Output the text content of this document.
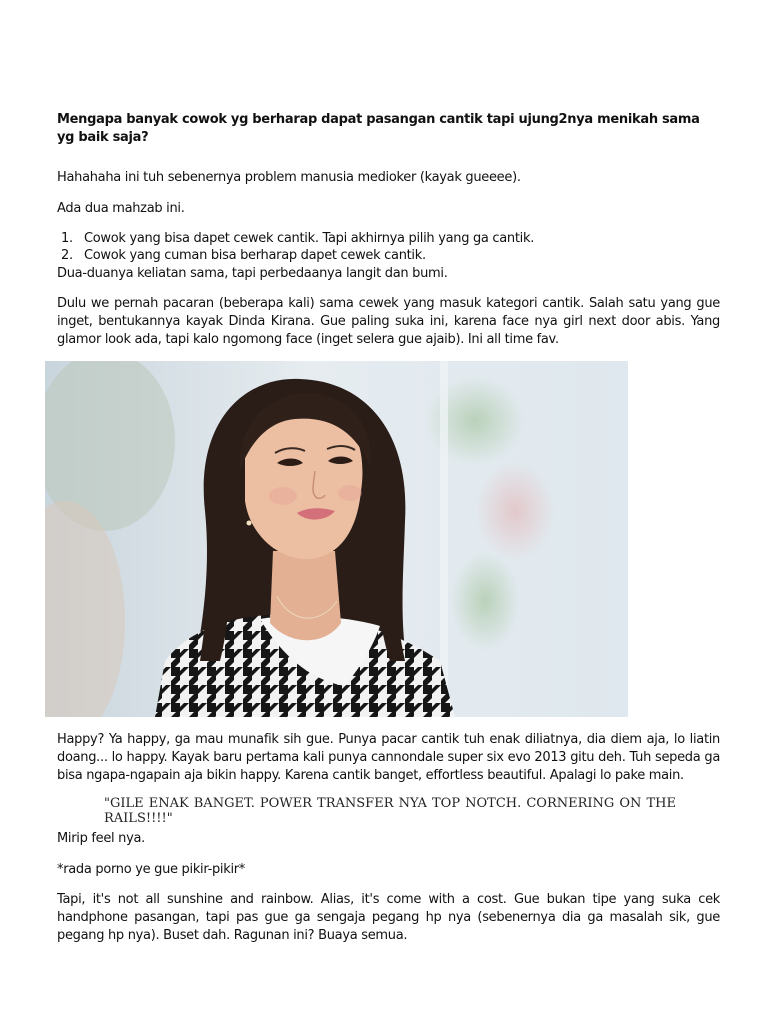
Mengapa banyak cowok yg berharap dapat pasangan cantik tapi ujung2nya menikah sama yg baik saja?
Hahahaha ini tuh sebenernya problem manusia medioker (kayak gueeee).
Ada dua mahzab ini.
1. Cowok yang bisa dapet cewek cantik. Tapi akhirnya pilih yang ga cantik.
2. Cowok yang cuman bisa berharap dapet cewek cantik.
Dua-duanya keliatan sama, tapi perbedaanya langit dan bumi.
Dulu we pernah pacaran (beberapa kali) sama cewek yang masuk kategori cantik. Salah satu yang gue inget, bentukannya kayak Dinda Kirana. Gue paling suka ini, karena face nya girl next door abis. Yang glamor look ada, tapi kalo ngomong face (inget selera gue ajaib). Ini all time fav.
Happy? Ya happy, ga mau munafik sih gue. Punya pacar cantik tuh enak diliatnya, dia diem aja, lo liatin doang... lo happy. Kayak baru pertama kali punya cannondale super six evo 2013 gitu deh. Tuh sepeda ga bisa ngapa-ngapain aja bikin happy. Karena cantik banget, effortless beautiful. Apalagi lo pake main.
"GILE ENAK BANGET. POWER TRANSFER NYA TOP NOTCH. CORNERING ON THE RAILS!!!!"
Mirip feel nya.
*rada porno ye gue pikir-pikir*
Tapi, it's not all sunshine and rainbow. Alias, it's come with a cost. Gue bukan tipe yang suka cek handphone pasangan, tapi pas gue ga sengaja pegang hp nya (sebenernya dia ga masalah sik, gue pegang hp nya). Buset dah. Ragunan ini? Buaya semua.
